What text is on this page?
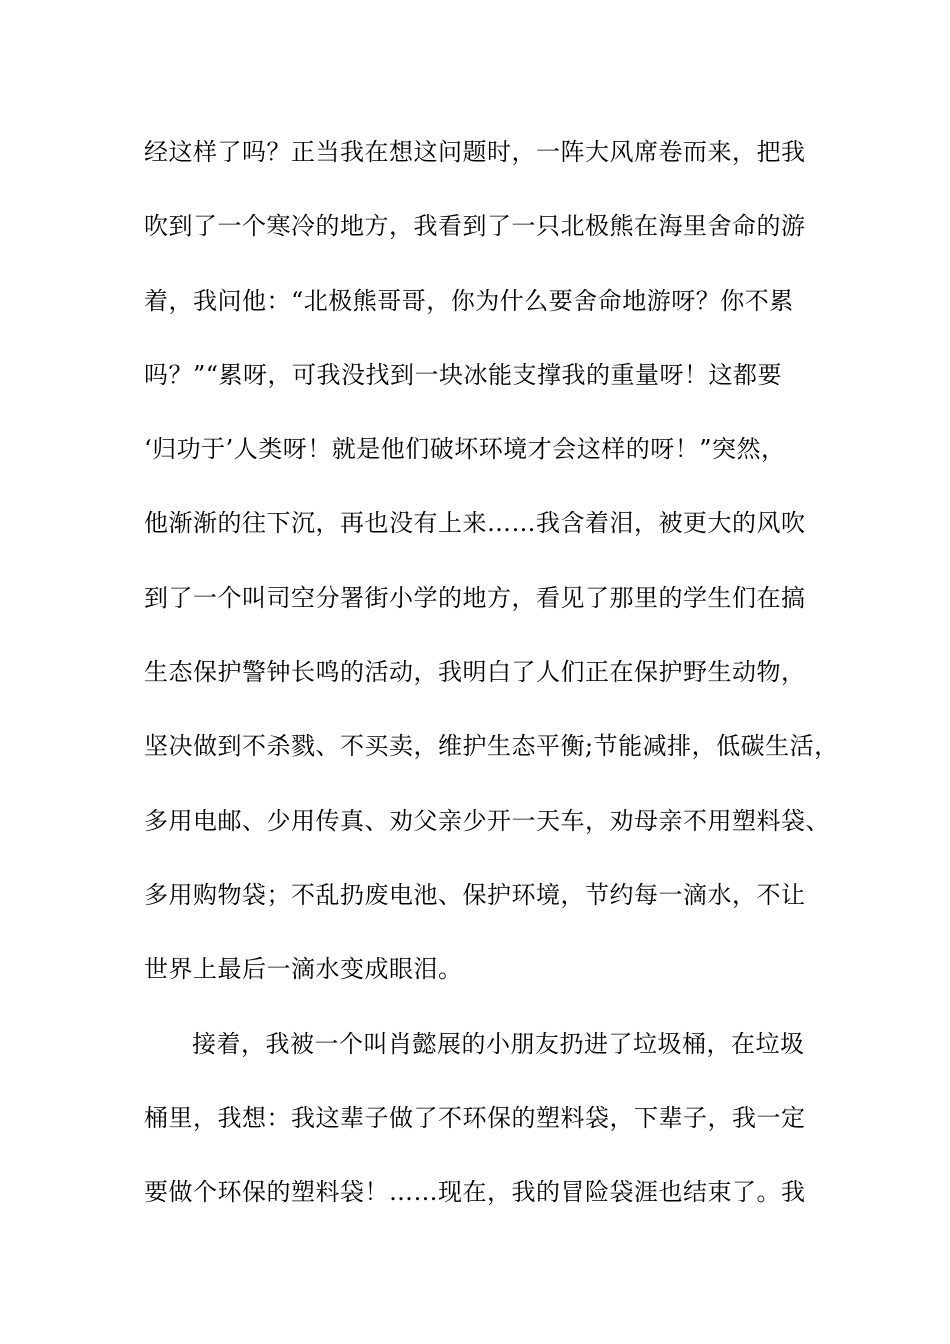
经这样了吗？正当我在想这问题时，一阵大风席卷而来，把我
吹到了一个寒冷的地方，我看到了一只北极熊在海里舍命的游
着，我问他：“北极熊哥哥，你为什么要舍命地游呀？你不累
吗？”“累呀，可我没找到一块冰能支撑我的重量呀！这都要
‘归功于’人类呀！就是他们破坏环境才会这样的呀！”突然，
他渐渐的往下沉，再也没有上来……我含着泪，被更大的风吹
到了一个叫司空分署街小学的地方，看见了那里的学生们在搞
生态保护警钟长鸣的活动，我明白了人们正在保护野生动物，
坚决做到不杀戮、不买卖，维护生态平衡;节能减排，低碳生活，
多用电邮、少用传真、劝父亲少开一天车，劝母亲不用塑料袋、
多用购物袋；不乱扔废电池、保护环境，节约每一滴水，不让
世界上最后一滴水变成眼泪。
接着，我被一个叫肖懿展的小朋友扔进了垃圾桶，在垃圾
桶里，我想：我这辈子做了不环保的塑料袋，下辈子，我一定
要做个环保的塑料袋！……现在，我的冒险袋涯也结束了。我
